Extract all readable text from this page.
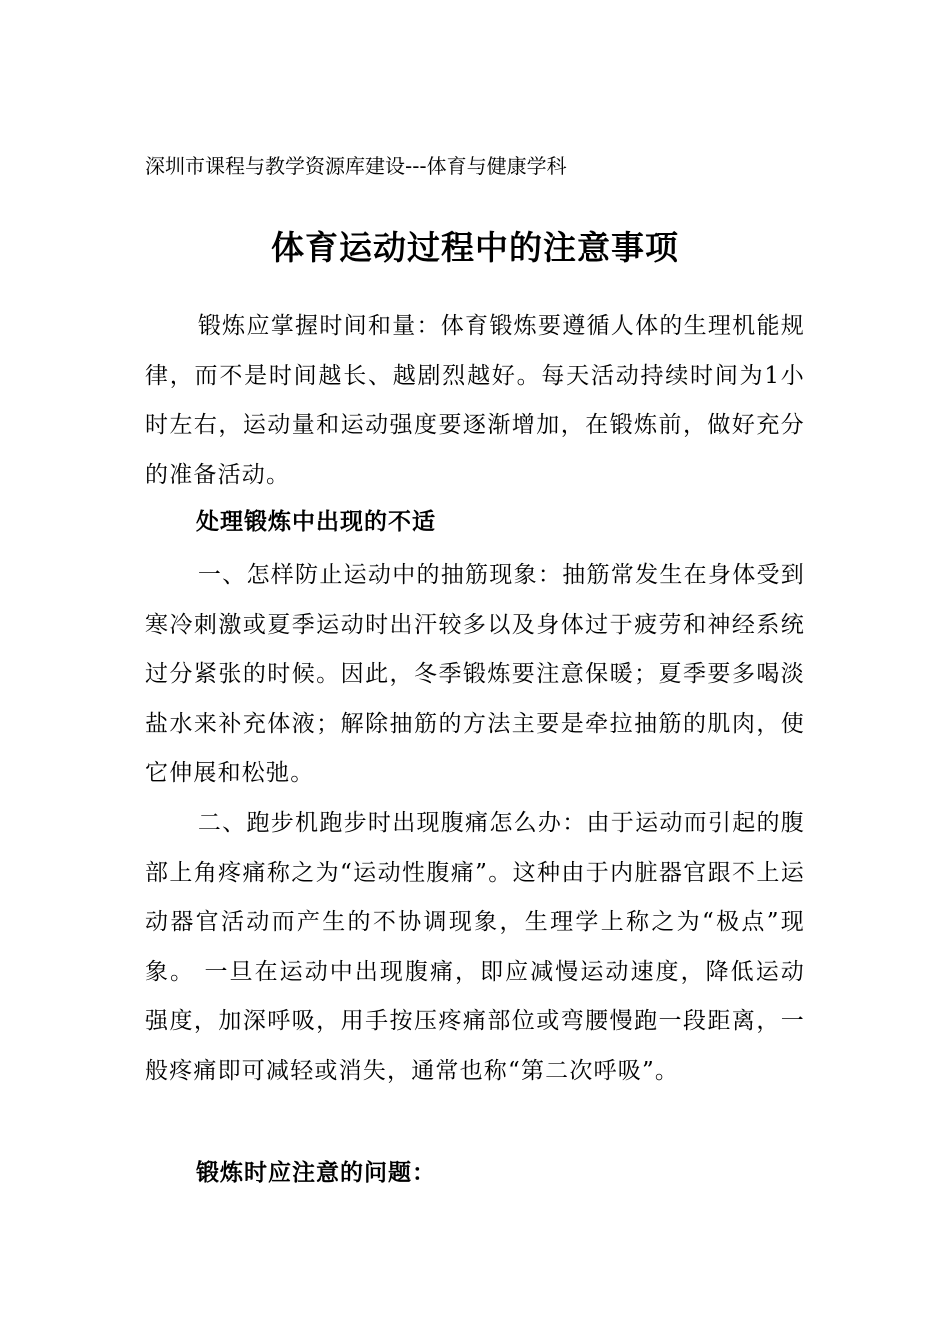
深圳市课程与教学资源库建设---体育与健康学科
体育运动过程中的注意事项

锻炼应掌握时间和量：体育锻炼要遵循人体的生理机能规律，而不是时间越长、越剧烈越好。每天活动持续时间为1小时左右，运动量和运动强度要逐渐增加，在锻炼前，做好充分的准备活动。

处理锻炼中出现的不适

一、怎样防止运动中的抽筋现象：抽筋常发生在身体受到寒冷刺激或夏季运动时出汗较多以及身体过于疲劳和神经系统过分紧张的时候。因此，冬季锻炼要注意保暖；夏季要多喝淡盐水来补充体液；解除抽筋的方法主要是牵拉抽筋的肌肉，使它伸展和松弛。

二、跑步机跑步时出现腹痛怎么办：由于运动而引起的腹部上角疼痛称之为“运动性腹痛”。这种由于内脏器官跟不上运动器官活动而产生的不协调现象，生理学上称之为“极点”现象。 一旦在运动中出现腹痛，即应减慢运动速度，降低运动强度，加深呼吸，用手按压疼痛部位或弯腰慢跑一段距离，一般疼痛即可减轻或消失，通常也称“第二次呼吸”。

锻炼时应注意的问题：
